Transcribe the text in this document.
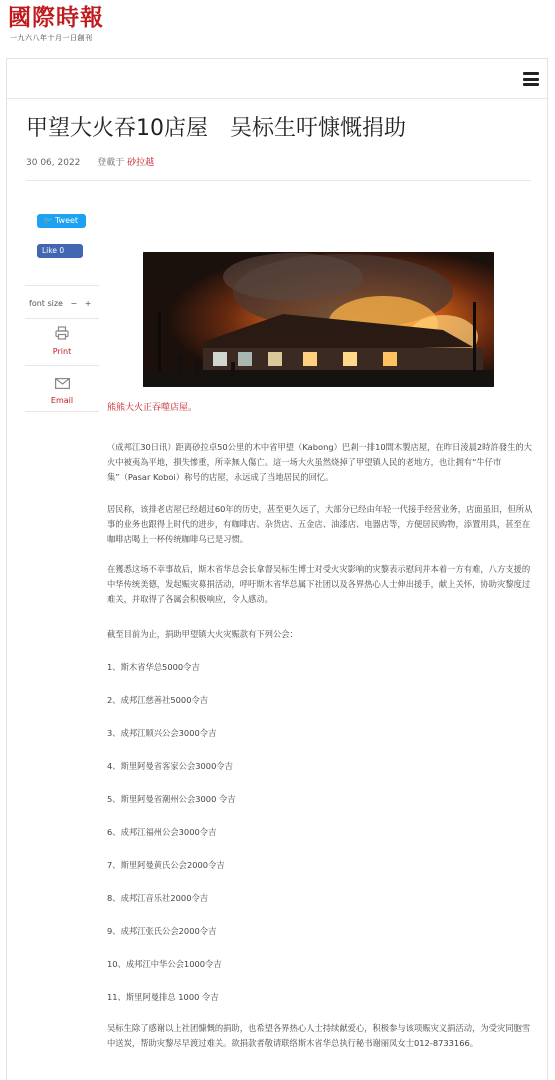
國際時報
一九六八年十月一日創刊
甲望大火吞10店屋　吴标生吁慷慨捐助
30 06, 2022 登載于 砂拉越
🐦 Tweet
Like 0
font size − +
Print
Email
熊熊大火正吞噬店屋。

（成邦江30日讯）距离砂拉卓50公里的木中省甲望（Kabong）巴剎一排10間木製店屋，在昨日淩晨2時許發生的大火中被夷為平地，損失慘重，所幸無人傷亡。這一场大火虽然烧掉了甲望镇人民的老地方，也让拥有“牛仔市集”（Pasar Koboi）称号的店屋，永远成了当地居民的回忆。

居民称，该排老店屋已经超过60年的历史，甚至更久远了，大部分已经由年轻一代接手经营业务，店面虽旧，但所从事的业务也跟得上时代的进步，有咖啡店、杂货店、五金店、油漆店、电器店等，方便居民购物，添置用具，甚至在咖啡店喝上一杯传统咖啡乌已是习惯。

在獲悉这场不幸事故后，斯木省华总会长拿督吴标生博士对受火灾影响的灾黎表示慰问并本着一方有难，八方支援的中华传统美德，发起赈灾募捐活动，呼吁斯木省华总属下社团以及各界热心人士伸出援手，献上关怀，协助灾黎度过难关，并取得了各属会积极响应，令人感动。

截至目前为止，捐助甲望镇大火灾赈款有下列公会：

1、斯木省华总5000令吉

2、成邦江慈善社5000令吉

3、成邦江顺兴公会3000令吉

4、斯里阿曼省客家公会3000令吉

5、斯里阿曼省潮州公会3000 令吉

6、成邦江福州公会3000令吉

7、斯里阿曼黄氏公会2000令吉

8、成邦江音乐社2000令吉

9、成邦江张氏公会2000令吉

10、成邦江中华公会1000令吉

11、斯里阿曼排总 1000 令吉

吴标生除了感谢以上社团慷慨的捐助，也希望各界热心人士持续献爱心，积极参与该项赈灾义捐活动，为受灾同胞雪中送炭，帮助灾黎尽早渡过难关。欲捐款者敬请联络斯木省华总执行秘书谢丽凤女士012-8733166。
